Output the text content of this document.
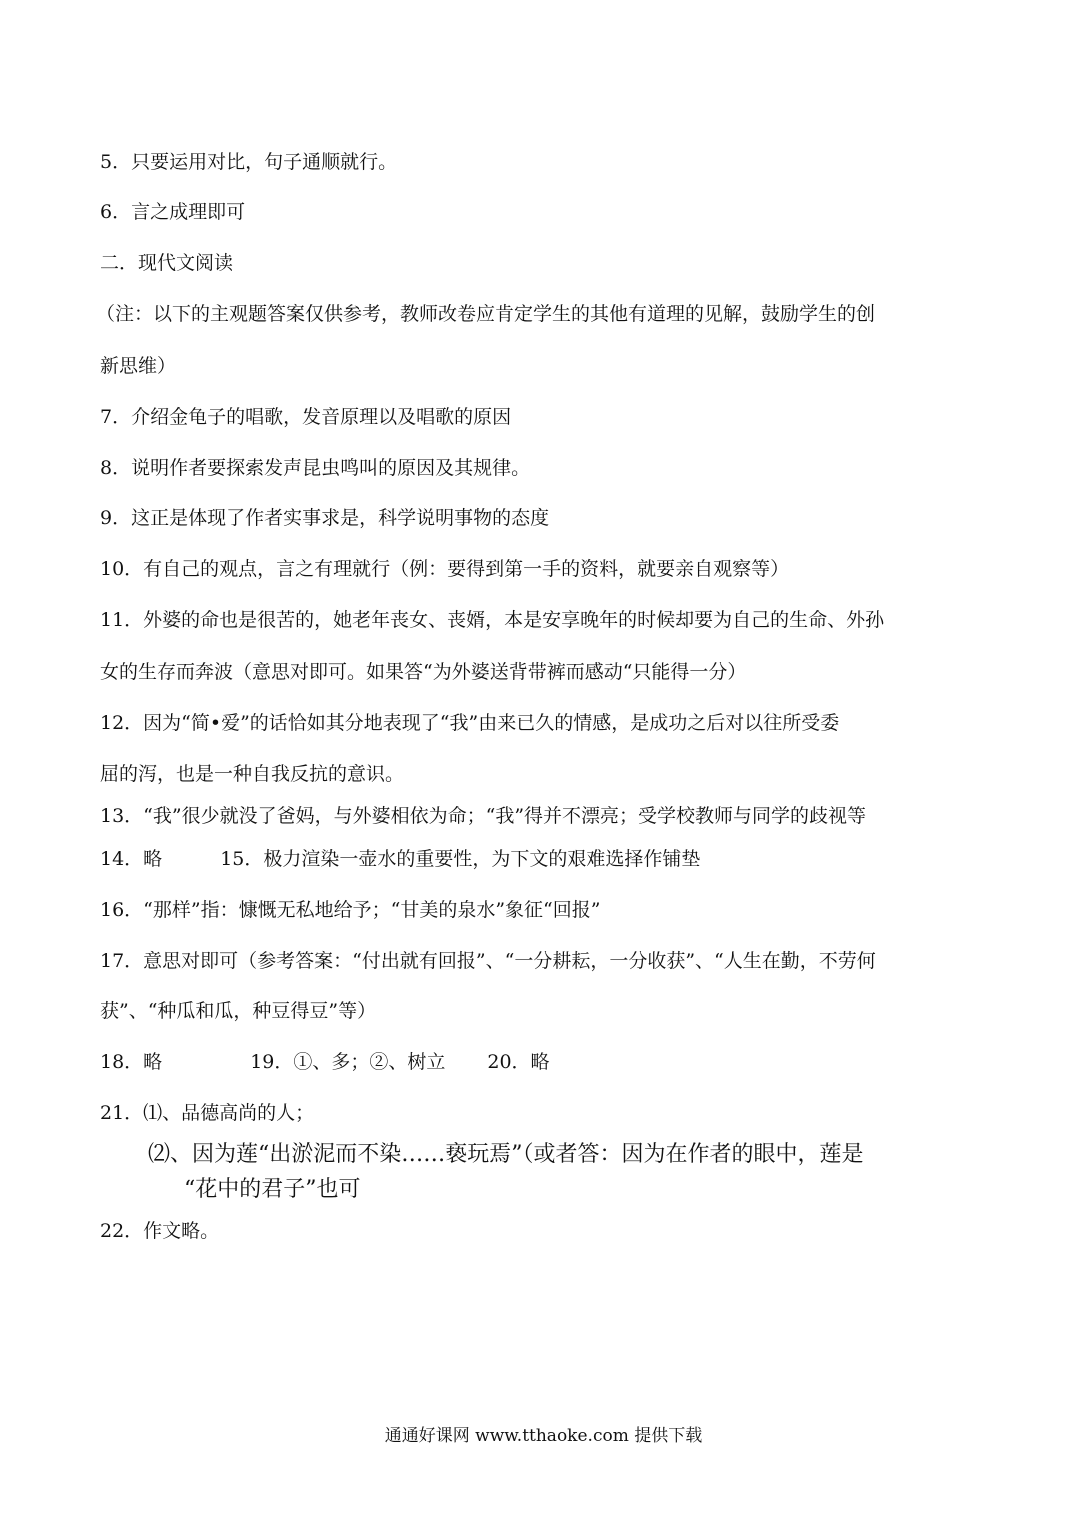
5．只要运用对比，句子通顺就行。
6．言之成理即可
二．现代文阅读
（注：以下的主观题答案仅供参考，教师改卷应肯定学生的其他有道理的见解，鼓励学生的创
新思维）
7．介绍金龟子的唱歌，发音原理以及唱歌的原因
8．说明作者要探索发声昆虫鸣叫的原因及其规律。
9．这正是体现了作者实事求是，科学说明事物的态度
10．有自己的观点，言之有理就行（例：要得到第一手的资料，就要亲自观察等）
11．外婆的命也是很苦的，她老年丧女、丧婿，本是安享晚年的时候却要为自己的生命、外孙
女的生存而奔波（意思对即可。如果答“为外婆送背带裤而感动“只能得一分）
12．因为“简•爱”的话恰如其分地表现了“我”由来已久的情感，是成功之后对以往所受委
屈的泻，也是一种自我反抗的意识。
13．“我”很少就没了爸妈，与外婆相依为命；“我”得并不漂亮；受学校教师与同学的歧视等
14．略	15．极力渲染一壶水的重要性，为下文的艰难选择作铺垫
16．“那样”指：慷慨无私地给予；“甘美的泉水”象征“回报”
17．意思对即可（参考答案：“付出就有回报”、“一分耕耘，一分收获”、“人生在勤，不劳何
获”、“种瓜和瓜，种豆得豆”等）
18．略	19．①、多；②、树立 20．略
21．⑴、品德高尚的人；
⑵、因为莲“出淤泥而不染……亵玩焉”（或者答：因为在作者的眼中，莲是
“花中的君子”也可
22．作文略。
通通好课网 www.tthaoke.com 提供下载
